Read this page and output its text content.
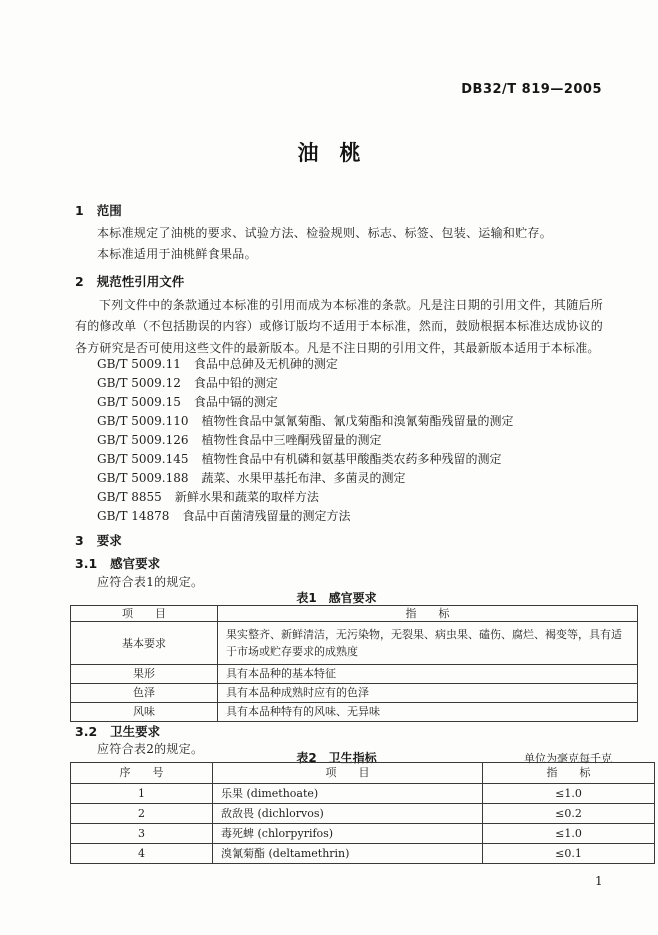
DB32/T 819—2005
油　桃
1 范围
本标准规定了油桃的要求、试验方法、检验规则、标志、标签、包装、运输和贮存。
本标准适用于油桃鲜食果品。
2 规范性引用文件
下列文件中的条款通过本标准的引用而成为本标准的条款。凡是注日期的引用文件，其随后所有的修改单（不包括勘误的内容）或修订版均不适用于本标准，然而，鼓励根据本标准达成协议的各方研究是否可使用这些文件的最新版本。凡是不注日期的引用文件，其最新版本适用于本标准。
GB/T 5009.11 食品中总砷及无机砷的测定
GB/T 5009.12 食品中铅的测定
GB/T 5009.15 食品中镉的测定
GB/T 5009.110 植物性食品中氯氰菊酯、氰戊菊酯和溴氰菊酯残留量的测定
GB/T 5009.126 植物性食品中三唑酮残留量的测定
GB/T 5009.145 植物性食品中有机磷和氨基甲酸酯类农药多种残留的测定
GB/T 5009.188 蔬菜、水果甲基托布津、多菌灵的测定
GB/T 8855 新鲜水果和蔬菜的取样方法
GB/T 14878 食品中百菌清残留量的测定方法
3 要求
3.1 感官要求
应符合表1的规定。
表1　感官要求
项　　目	指　　标
基本要求	果实整齐、新鲜清洁，无污染物，无裂果、病虫果、磕伤、腐烂、褐变等，具有适于市场或贮存要求的成熟度
果形	具有本品种的基本特征
色泽	具有本品种成熟时应有的色泽
风味	具有本品种特有的风味、无异味
3.2 卫生要求
应符合表2的规定。
表2　卫生指标	单位为毫克每千克
序　　号	项　　目	指　　标
1	乐果 (dimethoate)	≤1.0
2	敌敌畏 (dichlorvos)	≤0.2
3	毒死蜱 (chlorpyrifos)	≤1.0
4	溴氰菊酯 (deltamethrin)	≤0.1
1
